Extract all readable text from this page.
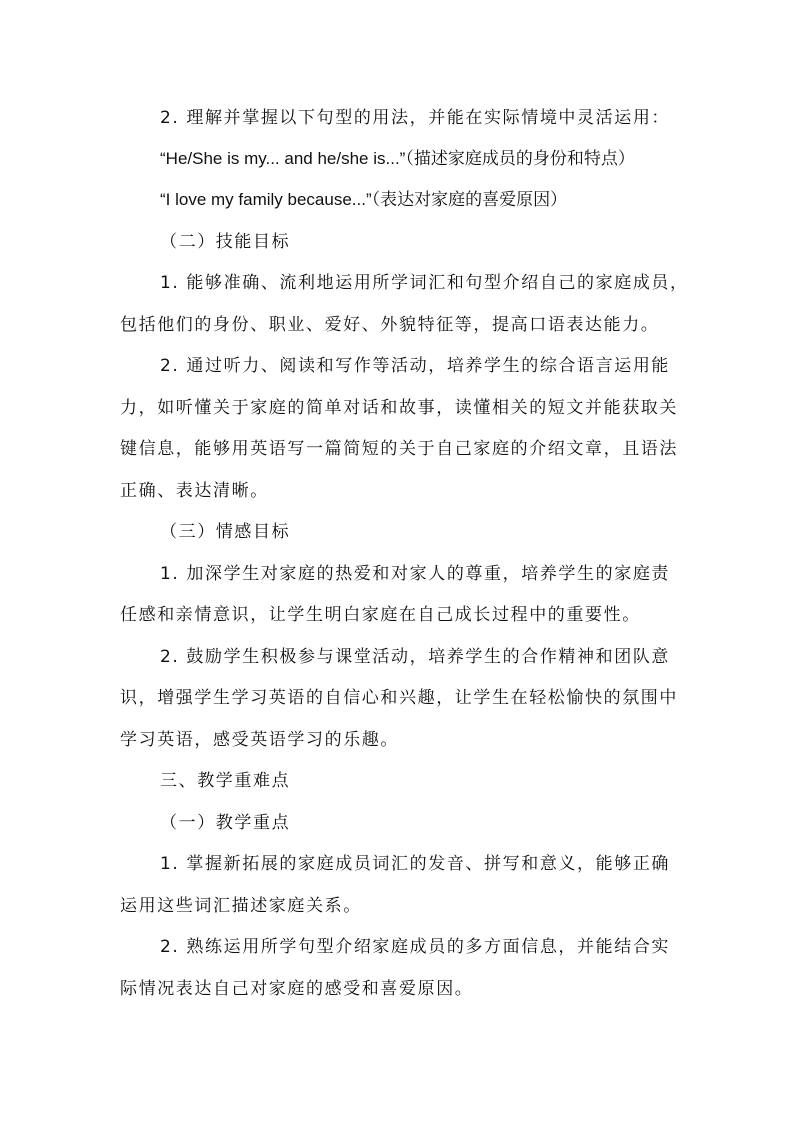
2. 理解并掌握以下句型的用法，并能在实际情境中灵活运用：
“He/She is my... and he/she is...”（描述家庭成员的身份和特点）
“I love my family because...”（表达对家庭的喜爱原因）
（二）技能目标
1. 能够准确、流利地运用所学词汇和句型介绍自己的家庭成员，
包括他们的身份、职业、爱好、外貌特征等，提高口语表达能力。
2. 通过听力、阅读和写作等活动，培养学生的综合语言运用能
力，如听懂关于家庭的简单对话和故事，读懂相关的短文并能获取关
键信息，能够用英语写一篇简短的关于自己家庭的介绍文章，且语法
正确、表达清晰。
（三）情感目标
1. 加深学生对家庭的热爱和对家人的尊重，培养学生的家庭责
任感和亲情意识，让学生明白家庭在自己成长过程中的重要性。
2. 鼓励学生积极参与课堂活动，培养学生的合作精神和团队意
识，增强学生学习英语的自信心和兴趣，让学生在轻松愉快的氛围中
学习英语，感受英语学习的乐趣。
三、教学重难点
（一）教学重点
1. 掌握新拓展的家庭成员词汇的发音、拼写和意义，能够正确
运用这些词汇描述家庭关系。
2. 熟练运用所学句型介绍家庭成员的多方面信息，并能结合实
际情况表达自己对家庭的感受和喜爱原因。
